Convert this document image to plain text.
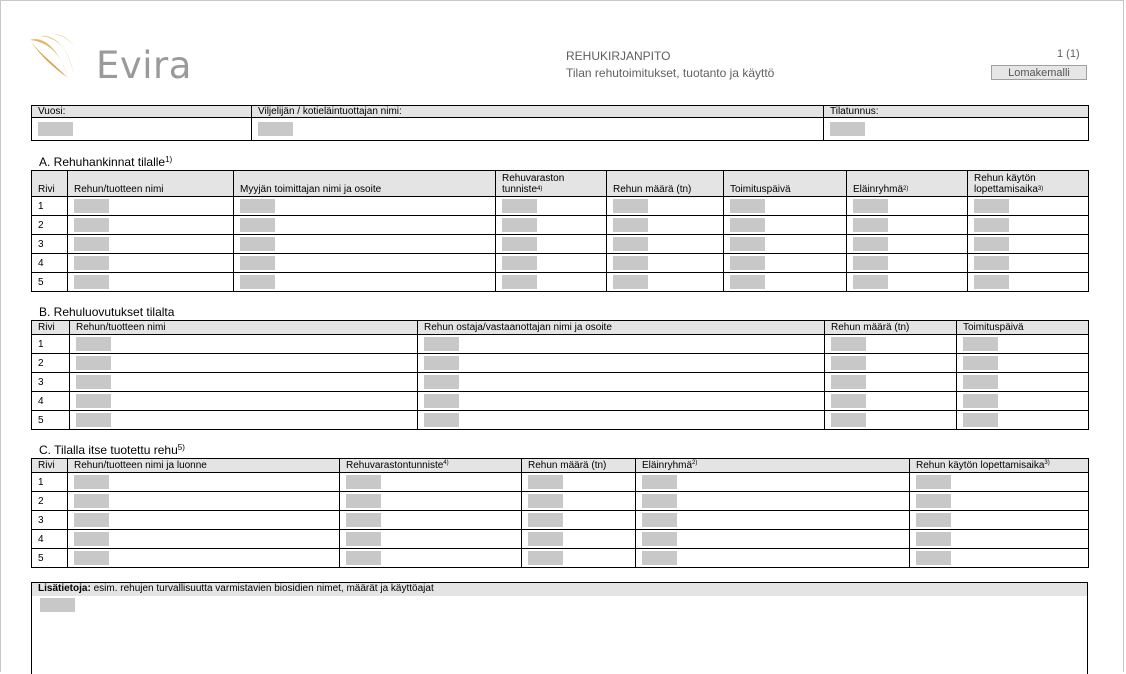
Evira	REHUKIRJANPITO
Tilan rehutoimitukset, tuotanto ja käyttö
1 (1)
Lomakemalli
Vuosi:	Viljelijän / kotieläintuottajan nimi:	Tilatunnus:

A. Rehuhankinnat tilalle$^{1)}$
Rivi	Rehun/tuotteen nimi	Myyjän toimittajan nimi ja osoite	Rehuvaraston tunniste$^{4)}$	Rehun määrä (tn)	Toimituspäivä	Eläinryhmä$^{2)}$	Rehun käytön lopettamisaika$^{3)}$
1							
2							
3							
4							
5							
B. Rehuluovutukset tilalta
Rivi	Rehun/tuotteen nimi	Rehun ostaja/vastaanottajan nimi ja osoite	Rehun määrä (tn)	Toimituspäivä
1				
2				
3				
4				
5				
C. Tilalla itse tuotettu rehu$^{5)}$
Rivi	Rehun/tuotteen nimi ja luonne	Rehuvarastontunniste$^{4)}$	Rehun määrä (tn)	Eläinryhmä$^{2)}$	Rehun käytön lopettamisaika$^{3)}$
1					
2					
3					
4					
5					
Lisätietoja: esim. rehujen turvallisuutta varmistavien biosidien nimet, määrät ja käyttöajat
